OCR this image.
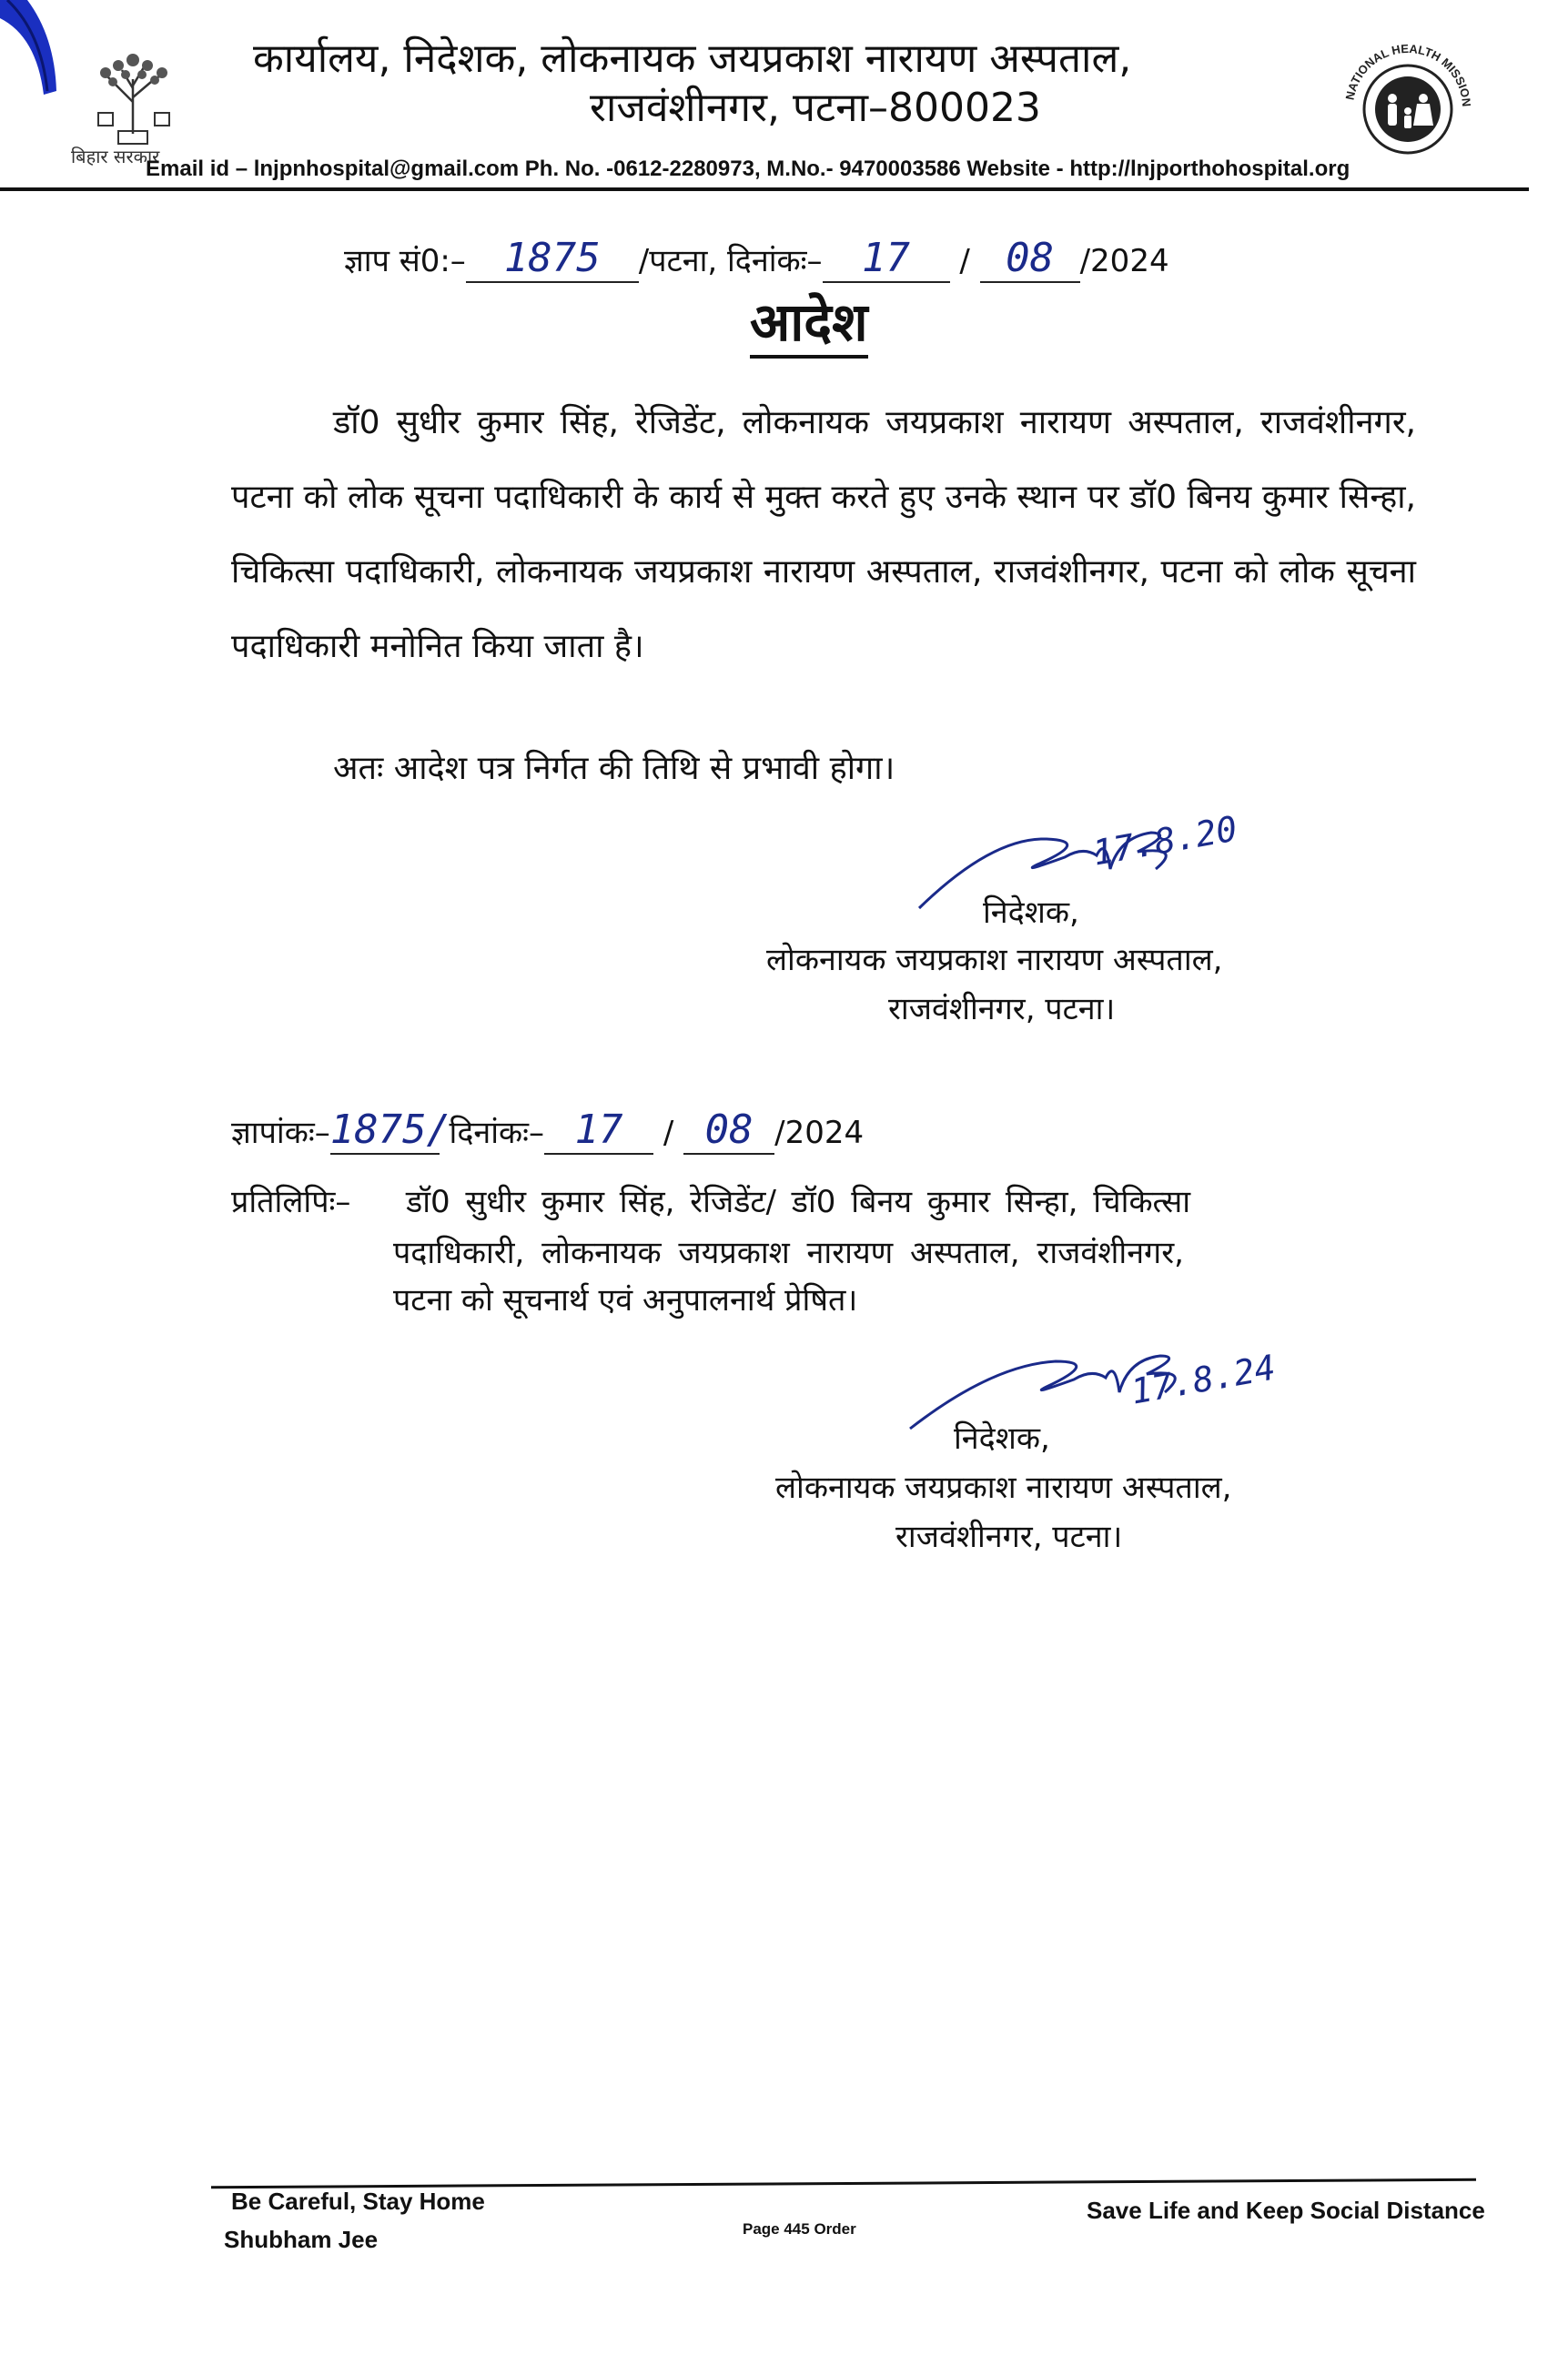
बिहार सरकार
कार्यालय, निदेशक, लोकनायक जयप्रकाश नारायण अस्पताल,
राजवंशीनगर, पटना–800023
Email id – lnjpnhospital@gmail.com Ph. No. -0612-2280973, M.No.- 9470003586 Website - http://lnjporthohospital.org
NATIONAL HEALTH MISSION
ज्ञाप सं0:– 1875 /पटना, दिनांकः– 17 / 08 /2024
आदेश
डॉ0 सुधीर कुमार सिंह, रेजिडेंट, लोकनायक जयप्रकाश नारायण अस्पताल, राजवंशीनगर, पटना को लोक सूचना पदाधिकारी के कार्य से मुक्त करते हुए उनके स्थान पर डॉ0 बिनय कुमार सिन्हा, चिकित्सा पदाधिकारी, लोकनायक जयप्रकाश नारायण अस्पताल, राजवंशीनगर, पटना को लोक सूचना पदाधिकारी मनोनित किया जाता है।
अतः आदेश पत्र निर्गत की तिथि से प्रभावी होगा।
17.8.20
निदेशक,
लोकनायक जयप्रकाश नारायण अस्पताल,
राजवंशीनगर, पटना।
ज्ञापांकः–1875/ दिनांकः– 17 / 08 /2024
प्रतिलिपिः– डॉ0 सुधीर कुमार सिंह, रेजिडेंट/ डॉ0 बिनय कुमार सिन्हा, चिकित्सा
पदाधिकारी, लोकनायक जयप्रकाश नारायण अस्पताल, राजवंशीनगर,
पटना को सूचनार्थ एवं अनुपालनार्थ प्रेषित।
17.8.24
निदेशक,
लोकनायक जयप्रकाश नारायण अस्पताल,
राजवंशीनगर, पटना।
Be Careful, Stay Home
Shubham Jee	Page 445 Order
Save Life and Keep Social Distance
